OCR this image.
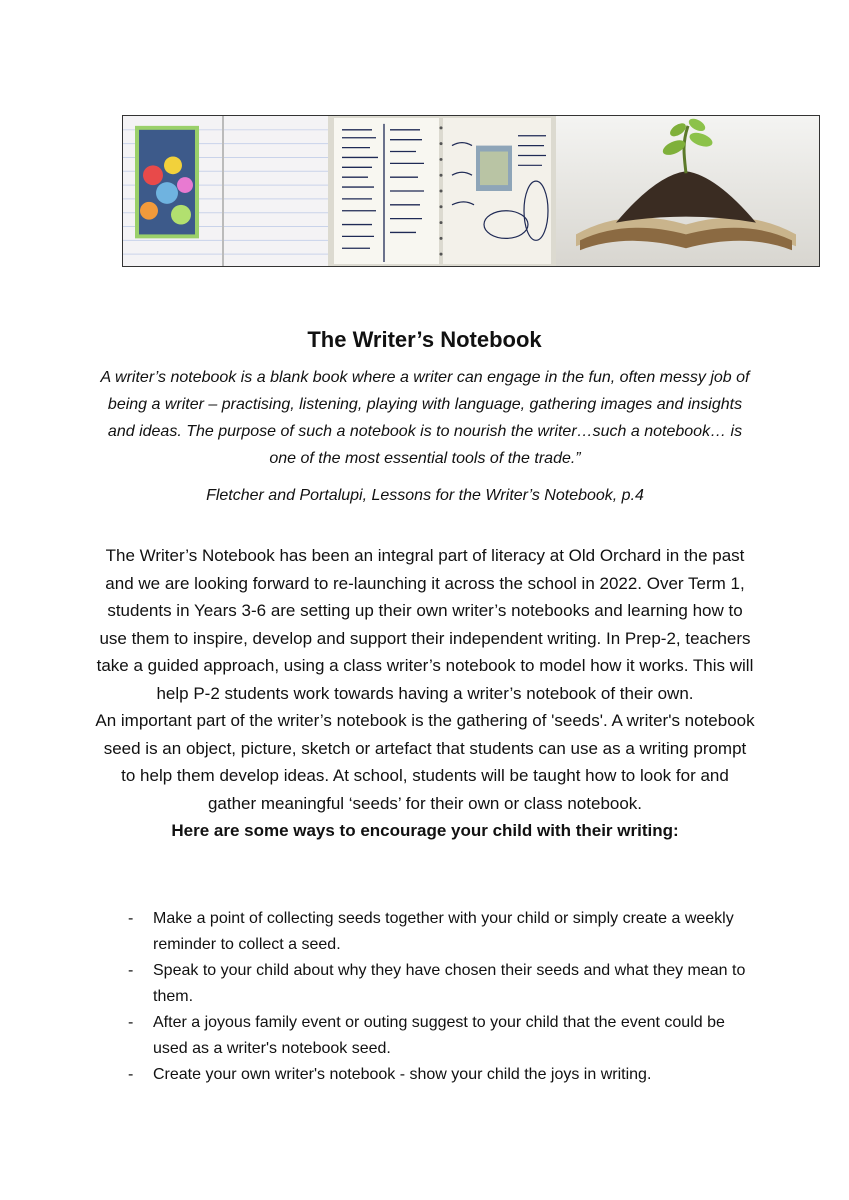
The Writer’s Notebook

A writer’s notebook is a blank book where a writer can engage in the fun, often messy job of being a writer – practising, listening, playing with language, gathering images and insights and ideas. The purpose of such a notebook is to nourish the writer…such a notebook… is one of the most essential tools of the trade.”

Fletcher and Portalupi, Lessons for the Writer’s Notebook, p.4

The Writer’s Notebook has been an integral part of literacy at Old Orchard in the past and we are looking forward to re-launching it across the school in 2022. Over Term 1, students in Years 3-6 are setting up their own writer’s notebooks and learning how to use them to inspire, develop and support their independent writing. In Prep-2, teachers take a guided approach, using a class writer’s notebook to model how it works. This will help P-2 students work towards having a writer’s notebook of their own.

An important part of the writer’s notebook is the gathering of 'seeds'. A writer's notebook seed is an object, picture, sketch or artefact that students can use as a writing prompt to help them develop ideas. At school, students will be taught how to look for and gather meaningful ‘seeds’ for their own or class notebook.

Here are some ways to encourage your child with their writing:

- Make a point of collecting seeds together with your child or simply create a weekly reminder to collect a seed.
- Speak to your child about why they have chosen their seeds and what they mean to them.
- After a joyous family event or outing suggest to your child that the event could be used as a writer's notebook seed.
- Create your own writer's notebook - show your child the joys in writing.
